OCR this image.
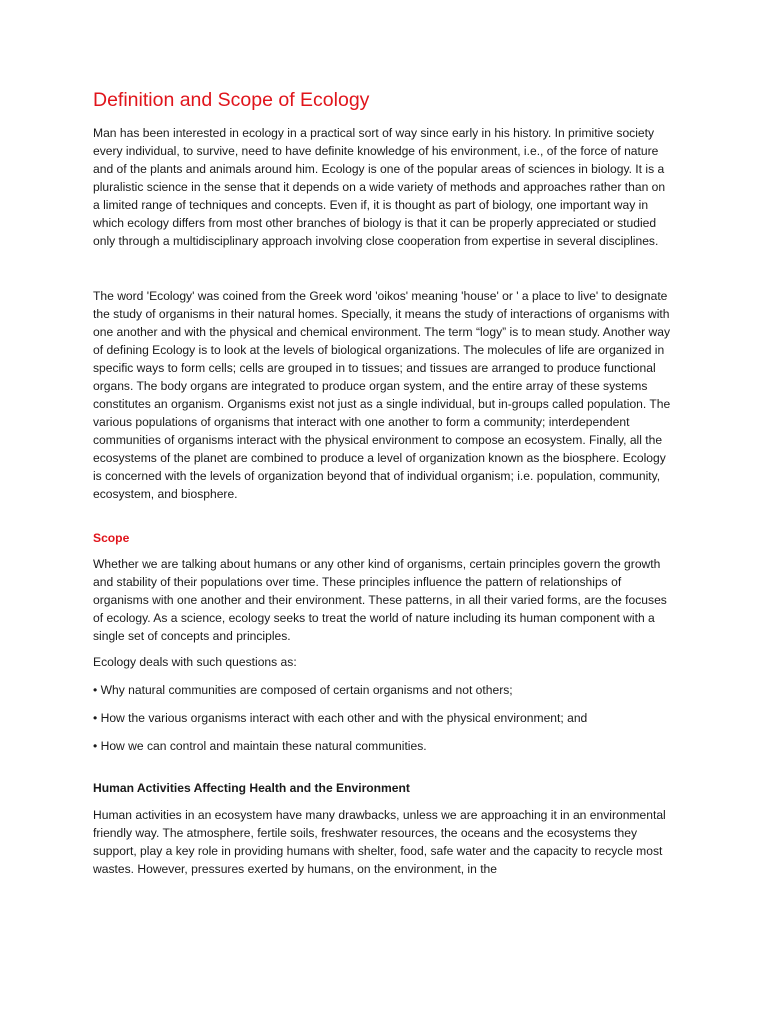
Definition and Scope of Ecology

Man has been interested in ecology in a practical sort of way since early in his history. In primitive society every individual, to survive, need to have definite knowledge of his environment, i.e., of the force of nature and of the plants and animals around him. Ecology is one of the popular areas of sciences in biology. It is a pluralistic science in the sense that it depends on a wide variety of methods and approaches rather than on a limited range of techniques and concepts. Even if, it is thought as part of biology, one important way in which ecology differs from most other branches of biology is that it can be properly appreciated or studied only through a multidisciplinary approach involving close cooperation from expertise in several disciplines.

The word 'Ecology' was coined from the Greek word 'oikos' meaning 'house' or ' a place to live' to designate the study of organisms in their natural homes. Specially, it means the study of interactions of organisms with one another and with the physical and chemical environment. The term “logy” is to mean study. Another way of defining Ecology is to look at the levels of biological organizations. The molecules of life are organized in specific ways to form cells; cells are grouped in to tissues; and tissues are arranged to produce functional organs. The body organs are integrated to produce organ system, and the entire array of these systems constitutes an organism. Organisms exist not just as a single individual, but in-groups called population. The various populations of organisms that interact with one another to form a community; interdependent communities of organisms interact with the physical environment to compose an ecosystem. Finally, all the ecosystems of the planet are combined to produce a level of organization known as the biosphere. Ecology is concerned with the levels of organization beyond that of individual organism; i.e. population, community, ecosystem, and biosphere.

Scope

Whether we are talking about humans or any other kind of organisms, certain principles govern the growth and stability of their populations over time. These principles influence the pattern of relationships of organisms with one another and their environment. These patterns, in all their varied forms, are the focuses of ecology. As a science, ecology seeks to treat the world of nature including its human component with a single set of concepts and principles.

Ecology deals with such questions as:

• Why natural communities are composed of certain organisms and not others;

• How the various organisms interact with each other and with the physical environment; and

• How we can control and maintain these natural communities.

Human Activities Affecting Health and the Environment

Human activities in an ecosystem have many drawbacks, unless we are approaching it in an environmental friendly way. The atmosphere, fertile soils, freshwater resources, the oceans and the ecosystems they support, play a key role in providing humans with shelter, food, safe water and the capacity to recycle most wastes. However, pressures exerted by humans, on the environment, in the
